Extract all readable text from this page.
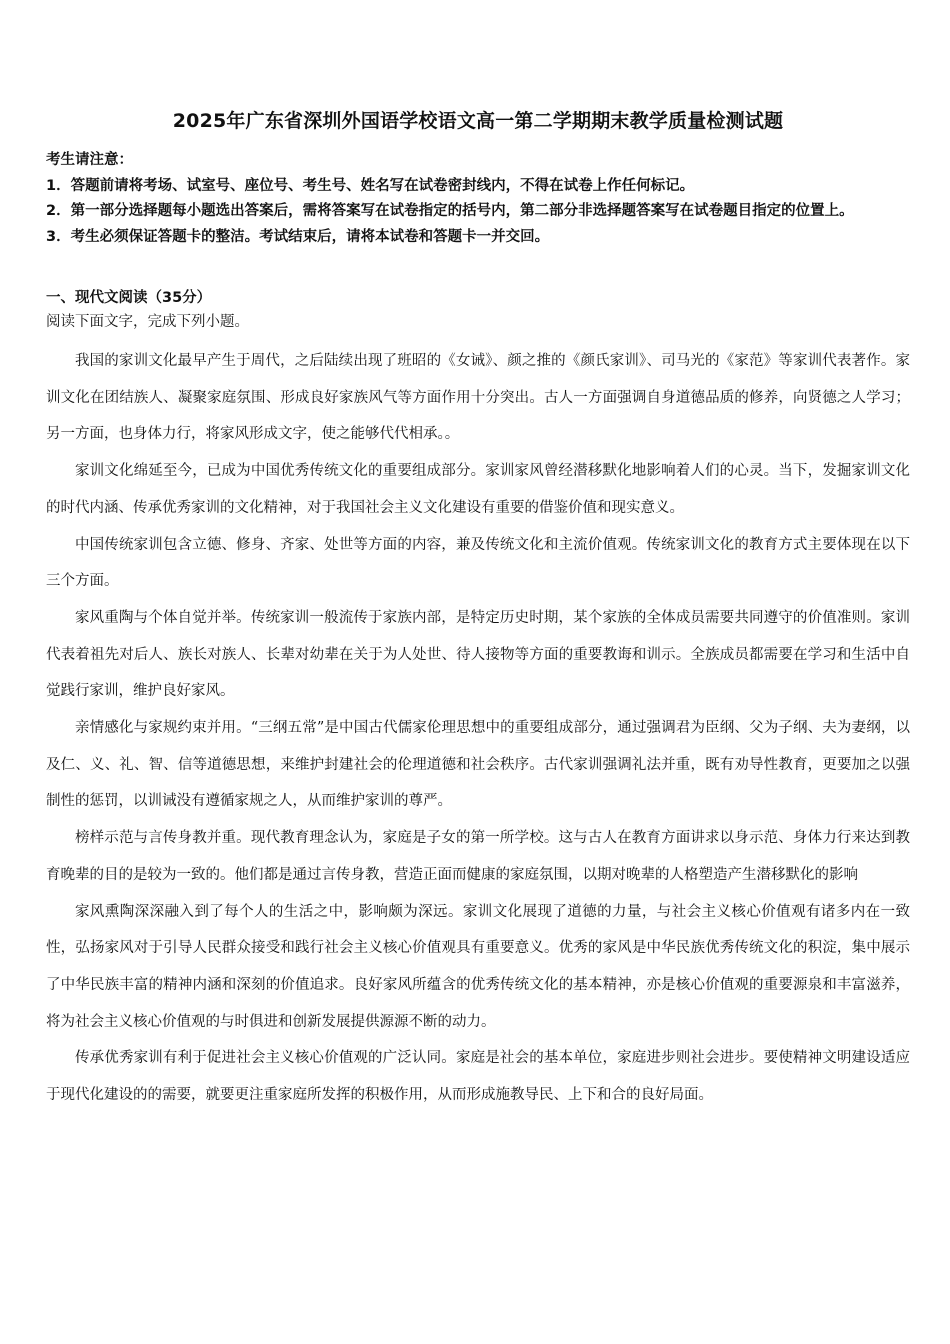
2025年广东省深圳外国语学校语文高一第二学期期末教学质量检测试题
考生请注意：
1．答题前请将考场、试室号、座位号、考生号、姓名写在试卷密封线内，不得在试卷上作任何标记。
2．第一部分选择题每小题选出答案后，需将答案写在试卷指定的括号内，第二部分非选择题答案写在试卷题目指定的位置上。
3．考生必须保证答题卡的整洁。考试结束后，请将本试卷和答题卡一并交回。
一、现代文阅读（35分）
阅读下面文字，完成下列小题。

我国的家训文化最早产生于周代，之后陆续出现了班昭的《女诫》、颜之推的《颜氏家训》、司马光的《家范》等家训代表著作。家训文化在团结族人、凝聚家庭氛围、形成良好家族风气等方面作用十分突出。古人一方面强调自身道德品质的修养，向贤德之人学习；另一方面，也身体力行，将家风形成文字，使之能够代代相承。。

家训文化绵延至今，已成为中国优秀传统文化的重要组成部分。家训家风曾经潜移默化地影响着人们的心灵。当下，发掘家训文化的时代内涵、传承优秀家训的文化精神，对于我国社会主义文化建设有重要的借鉴价值和现实意义。

中国传统家训包含立德、修身、齐家、处世等方面的内容，兼及传统文化和主流价值观。传统家训文化的教育方式主要体现在以下三个方面。

家风重陶与个体自觉并举。传统家训一般流传于家族内部，是特定历史时期，某个家族的全体成员需要共同遵守的价值准则。家训代表着祖先对后人、族长对族人、长辈对幼辈在关于为人处世、待人接物等方面的重要教诲和训示。全族成员都需要在学习和生活中自觉践行家训，维护良好家风。

亲情感化与家规约束并用。“三纲五常”是中国古代儒家伦理思想中的重要组成部分，通过强调君为臣纲、父为子纲、夫为妻纲，以及仁、义、礼、智、信等道德思想，来维护封建社会的伦理道德和社会秩序。古代家训强调礼法并重，既有劝导性教育，更要加之以强制性的惩罚，以训诫没有遵循家规之人，从而维护家训的尊严。

榜样示范与言传身教并重。现代教育理念认为，家庭是子女的第一所学校。这与古人在教育方面讲求以身示范、身体力行来达到教育晚辈的目的是较为一致的。他们都是通过言传身教，营造正面而健康的家庭氛围，以期对晚辈的人格塑造产生潜移默化的影响

家风熏陶深深融入到了每个人的生活之中，影响颇为深远。家训文化展现了道德的力量，与社会主义核心价值观有诸多内在一致性，弘扬家风对于引导人民群众接受和践行社会主义核心价值观具有重要意义。优秀的家风是中华民族优秀传统文化的积淀，集中展示了中华民族丰富的精神内涵和深刻的价值追求。良好家风所蕴含的优秀传统文化的基本精神，亦是核心价值观的重要源泉和丰富滋养，将为社会主义核心价值观的与时俱进和创新发展提供源源不断的动力。

传承优秀家训有利于促进社会主义核心价值观的广泛认同。家庭是社会的基本单位，家庭进步则社会进步。要使精神文明建设适应于现代化建设的的需要，就要更注重家庭所发挥的积极作用，从而形成施教导民、上下和合的良好局面。
